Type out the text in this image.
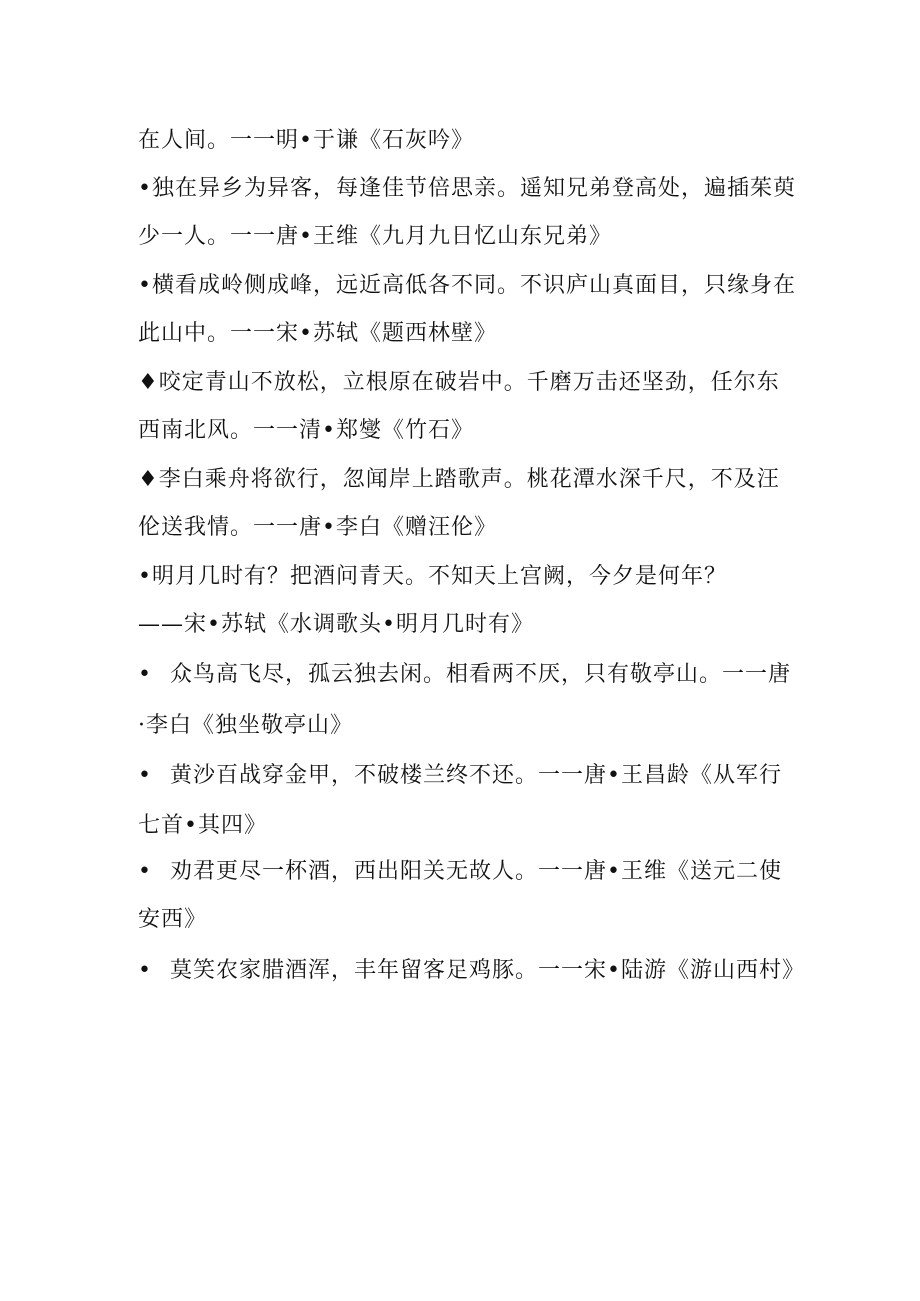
在人间。一一明•于谦《石灰吟》
•独在异乡为异客，每逢佳节倍思亲。遥知兄弟登高处，遍插茱萸
少一人。一一唐•王维《九月九日忆山东兄弟》
•横看成岭侧成峰，远近高低各不同。不识庐山真面目，只缘身在
此山中。一一宋•苏轼《题西林壁》
♦咬定青山不放松，立根原在破岩中。千磨万击还坚劲，任尔东
西南北风。一一清•郑燮《竹石》
♦李白乘舟将欲行，忽闻岸上踏歌声。桃花潭水深千尺，不及汪
伦送我情。一一唐•李白《赠汪伦》
•明月几时有？把酒问青天。不知天上宫阙，今夕是何年？
——宋•苏轼《水调歌头•明月几时有》
• 众鸟高飞尽，孤云独去闲。相看两不厌，只有敬亭山。一一唐
·李白《独坐敬亭山》
• 黄沙百战穿金甲，不破楼兰终不还。一一唐•王昌龄《从军行
七首•其四》
• 劝君更尽一杯酒，西出阳关无故人。一一唐•王维《送元二使
安西》
• 莫笑农家腊酒浑，丰年留客足鸡豚。一一宋•陆游《游山西村》
